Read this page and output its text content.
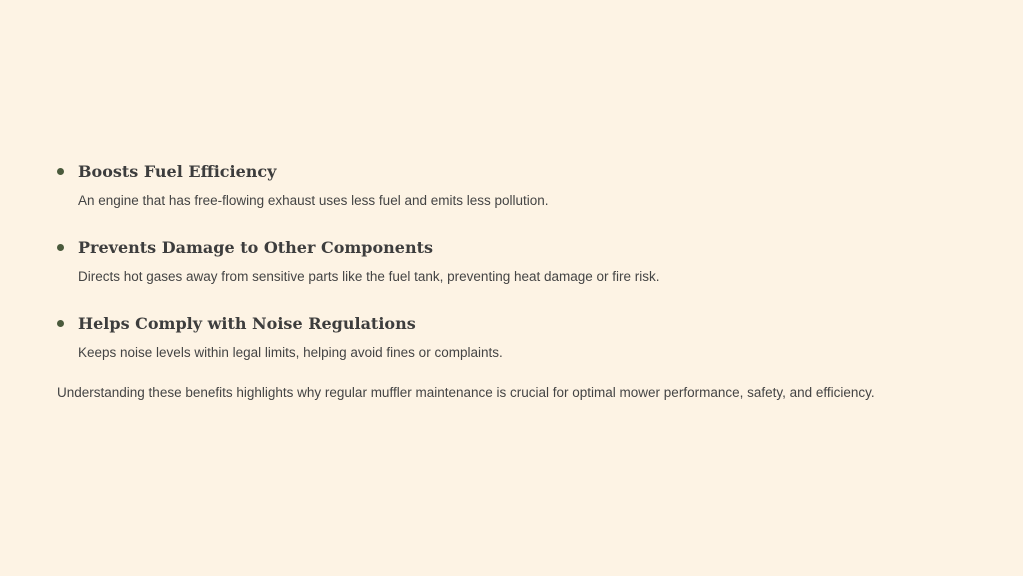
Boosts Fuel Efficiency

An engine that has free-flowing exhaust uses less fuel and emits less pollution.

Prevents Damage to Other Components

Directs hot gases away from sensitive parts like the fuel tank, preventing heat damage or fire risk.

Helps Comply with Noise Regulations

Keeps noise levels within legal limits, helping avoid fines or complaints.

Understanding these benefits highlights why regular muffler maintenance is crucial for optimal mower performance, safety, and efficiency.
